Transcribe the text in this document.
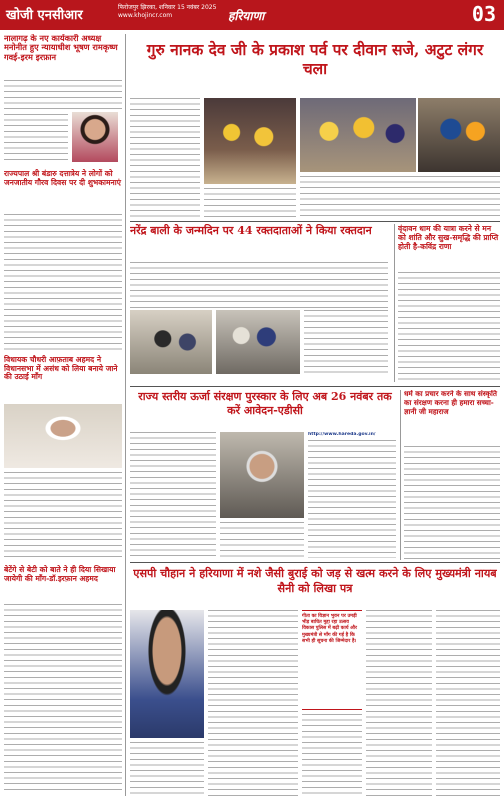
खोजी एनसीआर
फिरोजपुर झिरका, शनिवार 15 नवंबर 2025
www.khojincr.com	हरियाणा	03
नालागढ़ के नए कार्यकारी अध्यक्ष मनोनीत हुए न्यायाधीश भूषण रामकृष्ण गवई-इरम इरफ़ान
राज्यपाल श्री बंडारु दत्तात्रेय ने लोगों को जनजातीय गौरव दिवस पर दी शुभकामनाएं
विधायक चौधरी आफ़ताब अहमद ने विधानसभा में असंध को लिया बनाये जाने की उठाई माँग
बेटेंगे से बेटी को बाते ने ही दिया सिखाया जायेगी की माँग-डॉ.इरफ़ान अहमद
गुरु नानक देव जी के प्रकाश पर्व पर दीवान सजे, अटुट लंगर चला
नरेंद्र बाली के जन्मदिन पर 44 रक्तदाताओं ने किया रक्तदान	वृंदावन धाम की यात्रा करने से मन को शांति और सुख-समृद्धि की प्राप्ति होती है-कविंद्र राणा
राज्य स्तरीय ऊर्जा संरक्षण पुरस्कार के लिए अब 26 नवंबर तक करें आवेदन-एडीसी
http://www.hareda.gov.in/
धर्म का प्रचार करने के साथ संस्कृति का संरक्षण करना ही हमारा सच्चा-ज्ञानी जी महाराज
एसपी चौहान ने हरियाणा में नशे जैसी बुराई को जड़ से खत्म करने के लिए मुख्यमंत्री नायब सैनी को लिखा पत्र
गीता का विज्ञान भुवन पर उमड़ी भीड़ बाधित मुद्दा रहा उत्सव विकास पुलिस में बढ़ी कार्य और मुख्यमंत्री से माँग की गई है कि सभी ही सूचना की जिम्मेदार है।
